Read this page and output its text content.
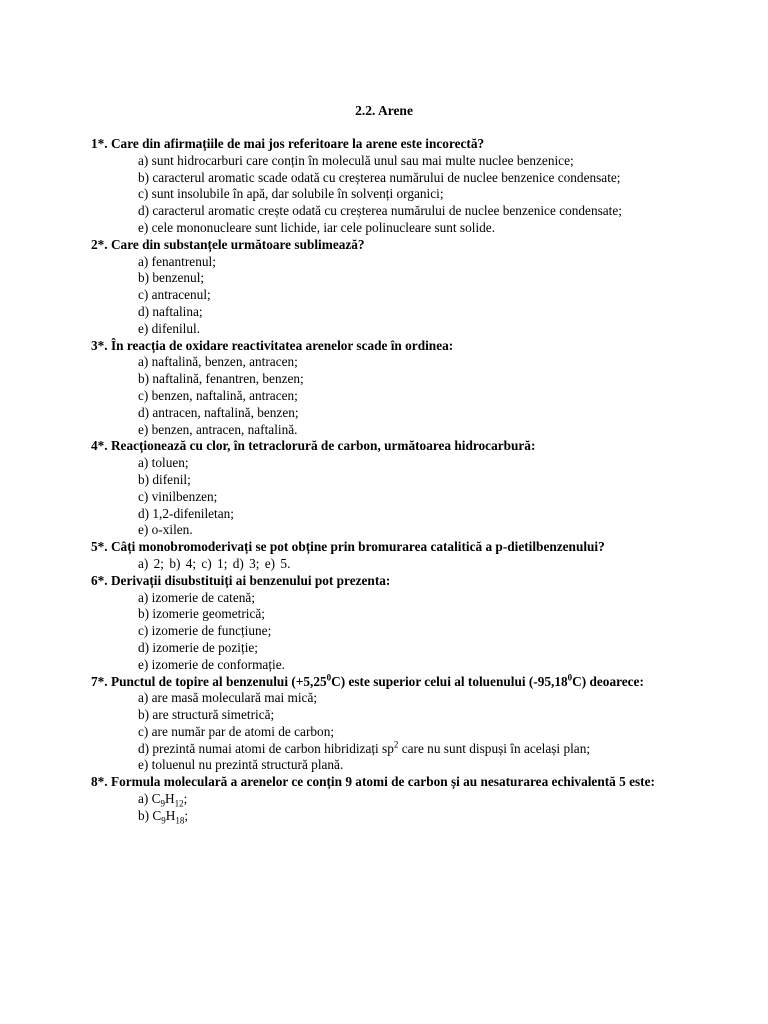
2.2. Arene
1*. Care din afirmațiile de mai jos referitoare la arene este incorectă?
a) sunt hidrocarburi care conțin în moleculă unul sau mai multe nuclee benzenice;
b) caracterul aromatic scade odată cu creșterea numărului de nuclee benzenice condensate;
c) sunt insolubile în apă, dar solubile în solvenți organici;
d) caracterul aromatic crește odată cu creșterea numărului de nuclee benzenice condensate;
e) cele mononucleare sunt lichide, iar cele polinucleare sunt solide.
2*. Care din substanțele următoare sublimează?
a) fenantrenul;
b) benzenul;
c) antracenul;
d) naftalina;
e) difenilul.
3*. În reacția de oxidare reactivitatea arenelor scade în ordinea:
a) naftalină, benzen, antracen;
b) naftalină, fenantren, benzen;
c) benzen, naftalină, antracen;
d) antracen, naftalină, benzen;
e) benzen, antracen, naftalină.
4*. Reacționează cu clor, în tetraclorură de carbon, următoarea hidrocarbură:
a) toluen;
b) difenil;
c) vinilbenzen;
d) 1,2-difeniletan;
e) o-xilen.
5*. Câți monobromoderivați se pot obține prin bromurarea catalitică a p-dietilbenzenului?
a) 2; b) 4; c) 1; d) 3; e) 5.
6*. Derivații disubstituiți ai benzenului pot prezenta:
a) izomerie de catenă;
b) izomerie geometrică;
c) izomerie de funcțiune;
d) izomerie de poziție;
e) izomerie de conformație.
7*. Punctul de topire al benzenului $(+5,25^0C)$ este superior celui al toluenului (-95,18$^0$C) deoarece:
a) are masă moleculară mai mică;
b) are structură simetrică;
c) are număr par de atomi de carbon;
d) prezintă numai atomi de carbon hibridizați $sp^2$ care nu sunt dispuși în același plan;
e) toluenul nu prezintă structură plană.
8*. Formula moleculară a arenelor ce conțin 9 atomi de carbon și au nesaturarea echivalentă 5 este:
a) $C_9H_{12}$;
b) $C_9H_{18}$;
